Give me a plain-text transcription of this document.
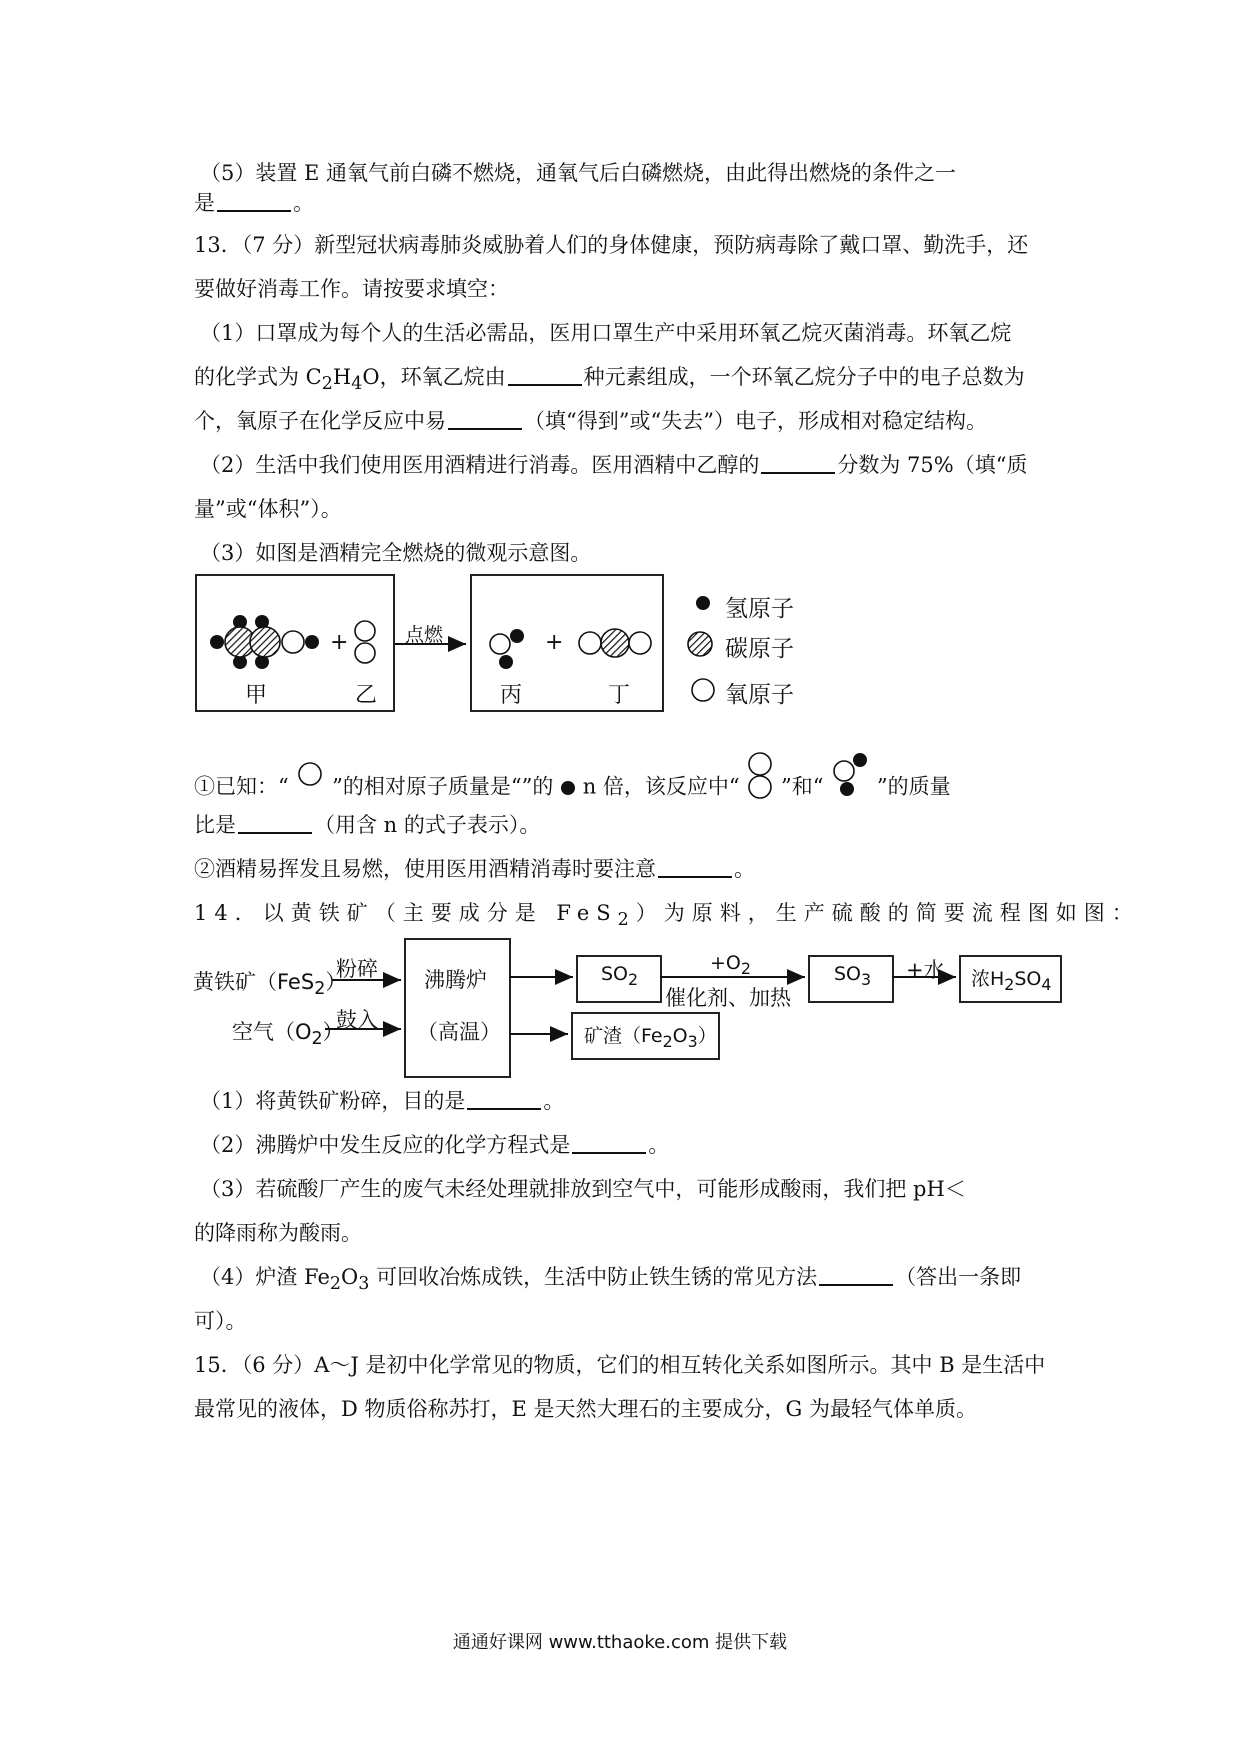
（5）装置 E 通氧气前白磷不燃烧，通氧气后白磷燃烧，由此得出燃烧的条件之一
是	。
13．（7 分）新型冠状病毒肺炎威胁着人们的身体健康，预防病毒除了戴口罩、勤洗手，还
要做好消毒工作。请按要求填空：
（1）口罩成为每个人的生活必需品，医用口罩生产中采用环氧乙烷灭菌消毒。环氧乙烷
的化学式为 $C_2H_4O$，环氧乙烷由	种元素组成，一个环氧乙烷分子中的电子总数为
个，氧原子在化学反应中易	（填“得到”或“失去”）电子，形成相对稳定结构。
（2）生活中我们使用医用酒精进行消毒。医用酒精中乙醇的	分数为 75%（填“质
量”或“体积”）。
（3）如图是酒精完全燃烧的微观示意图。
+	+
点燃
甲	乙	丙	丁
氢原子
碳原子
氧原子
①已知：“ ”的相对原子质量是“”的 n 倍，该反应中“ ”和“	”的质量
比是	（用含 n 的式子表示）。
②酒精易挥发且易燃，使用医用酒精消毒时要注意	。
14．以黄铁矿（主要成分是 FeS$_2$）为原料，生产硫酸的简要流程图如图：
黄铁矿（FeS$_2$）
粉碎
空气$(O_2)$
鼓入
沸腾炉
（高温）
$SO_2$
$+O_2$
催化剂、加热
$SO_3$ +水 浓$H_2SO_4$
矿渣$(Fe_2O_3)$
（1）将黄铁矿粉碎，目的是	。
（2）沸腾炉中发生反应的化学方程式是	。
（3）若硫酸厂产生的废气未经处理就排放到空气中，可能形成酸雨，我们把 pH＜
的降雨称为酸雨。
（4）炉渣 $Fe_2O_3$ 可回收冶炼成铁，生活中防止铁生锈的常见方法	（答出一条即
可）。
15．（6 分）A～J 是初中化学常见的物质，它们的相互转化关系如图所示。其中 B 是生活中
最常见的液体，D 物质俗称苏打，E 是天然大理石的主要成分，G 为最轻气体单质。
通通好课网 www.tthaoke.com 提供下载
